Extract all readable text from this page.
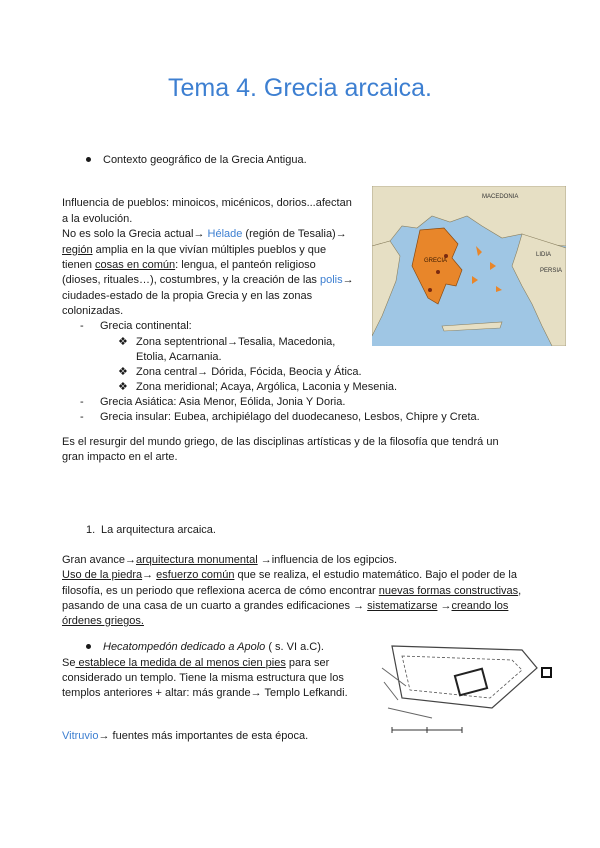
Tema 4. Grecia arcaica.
Contexto geográfico de la Grecia Antigua.
Influencia de pueblos: minoicos, micénicos, dorios...afectan
a la evolución.
No es solo la Grecia actual→ Hélade (región de Tesalia)→
región amplia en la que vivían múltiples pueblos y que
tienen cosas en común: lengua, el panteón religioso
(dioses, rituales…), costumbres, y la creación de las polis→
ciudades-estado de la propia Grecia y en las zonas
colonizadas.
- Grecia continental:
❖ Zona septentrional→Tesalia, Macedonia,
Etolia, Acarnania.
❖ Zona central→ Dórida, Fócida, Beocia y Ática.
❖ Zona meridional; Acaya, Argólica, Laconia y Mesenia.
- Grecia Asiática: Asia Menor, Eólida, Jonia Y Doria.
- Grecia insular: Eubea, archipiélago del duodecaneso, Lesbos, Chipre y Creta.
Es el resurgir del mundo griego, de las disciplinas artísticas y de la filosofía que tendrá un
gran impacto en el arte.
1. La arquitectura arcaica.
Gran avance→arquitectura monumental →influencia de los egipcios.
Uso de la piedra→ esfuerzo común que se realiza, el estudio matemático. Bajo el poder de la
filosofía, es un periodo que reflexiona acerca de cómo encontrar nuevas formas constructivas,
pasando de una casa de un cuarto a grandes edificaciones → sistematizarse →creando los
órdenes griegos.
Hecatompedón dedicado a Apolo ( s. VI a.C).
Se establece la medida de al menos cien pies para ser
considerado un templo. Tiene la misma estructura que los
templos anteriores + altar: más grande→ Templo Lefkandi.
Vitruvio→ fuentes más importantes de esta época.
MACEDONIA
GRECIA
LIDIA
PERSIA
